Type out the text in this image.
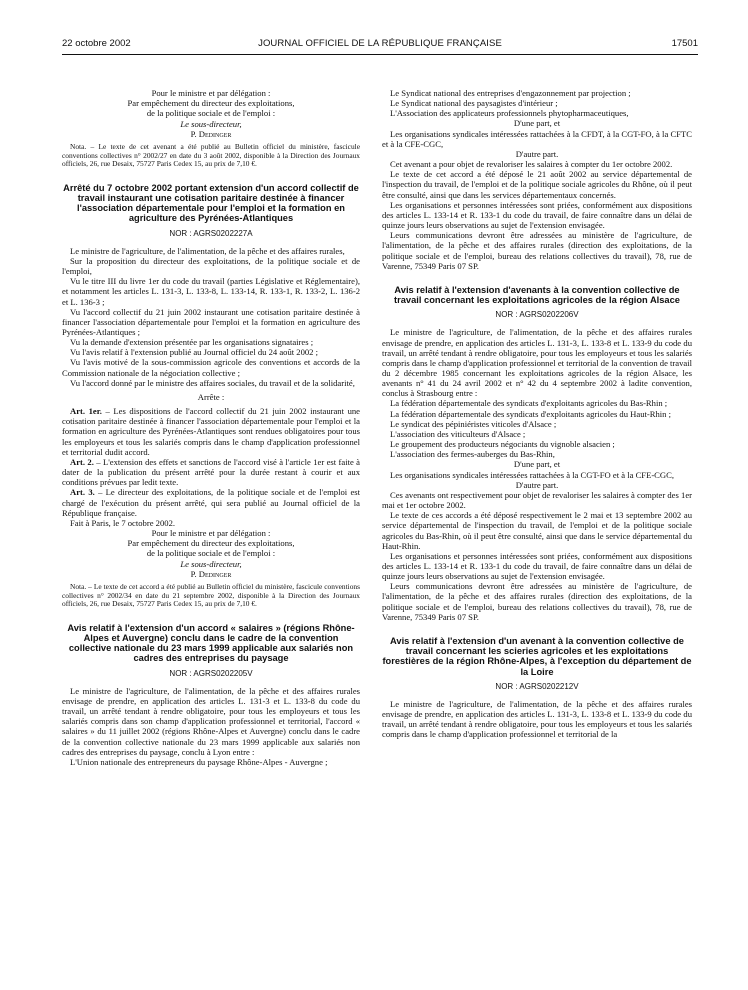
22 octobre 2002	JOURNAL OFFICIEL DE LA RÉPUBLIQUE FRANÇAISE	17501
Pour le ministre et par délégation :
Par empêchement du directeur des exploitations,
de la politique sociale et de l'emploi :
Le sous-directeur,
P. Dedinger

Nota. – Le texte de cet avenant a été publié au Bulletin officiel du ministère, fascicule conventions collectives n° 2002/27 en date du 3 août 2002, disponible à la Direction des Journaux officiels, 26, rue Desaix, 75727 Paris Cedex 15, au prix de 7,10 €.

Arrêté du 7 octobre 2002 portant extension d'un accord collectif de travail instaurant une cotisation paritaire destinée à financer l'association départementale pour l'emploi et la formation en agriculture des Pyrénées-Atlantiques

NOR : AGRS0202227A

Le ministre de l'agriculture, de l'alimentation, de la pêche et des affaires rurales,

Sur la proposition du directeur des exploitations, de la politique sociale et de l'emploi,

Vu le titre III du livre 1er du code du travail (parties Législative et Réglementaire), et notamment les articles L. 131-3, L. 133-8, L. 133-14, R. 133-1, R. 133-2, L. 136-2 et L. 136-3 ;

Vu l'accord collectif du 21 juin 2002 instaurant une cotisation paritaire destinée à financer l'association départementale pour l'emploi et la formation en agriculture des Pyrénées-Atlantiques ;

Vu la demande d'extension présentée par les organisations signataires ;

Vu l'avis relatif à l'extension publié au Journal officiel du 24 août 2002 ;

Vu l'avis motivé de la sous-commission agricole des conventions et accords de la Commission nationale de la négociation collective ;

Vu l'accord donné par le ministre des affaires sociales, du travail et de la solidarité,

Arrête :

Art. 1er. – Les dispositions de l'accord collectif du 21 juin 2002 instaurant une cotisation paritaire destinée à financer l'association départementale pour l'emploi et la formation en agriculture des Pyrénées-Atlantiques sont rendues obligatoires pour tous les employeurs et tous les salariés compris dans le champ d'application professionnel et territorial dudit accord.

Art. 2. – L'extension des effets et sanctions de l'accord visé à l'article 1er est faite à dater de la publication du présent arrêté pour la durée restant à courir et aux conditions prévues par ledit texte.

Art. 3. – Le directeur des exploitations, de la politique sociale et de l'emploi est chargé de l'exécution du présent arrêté, qui sera publié au Journal officiel de la République française.

Fait à Paris, le 7 octobre 2002.

Pour le ministre et par délégation :
Par empêchement du directeur des exploitations,
de la politique sociale et de l'emploi :
Le sous-directeur,
P. Dedinger

Nota. – Le texte de cet accord a été publié au Bulletin officiel du ministère, fascicule conventions collectives n° 2002/34 en date du 21 septembre 2002, disponible à la Direction des Journaux officiels, 26, rue Desaix, 75727 Paris Cedex 15, au prix de 7,10 €.

Avis relatif à l'extension d'un accord « salaires » (régions Rhône-Alpes et Auvergne) conclu dans le cadre de la convention collective nationale du 23 mars 1999 applicable aux salariés non cadres des entreprises du paysage

NOR : AGRS0202205V

Le ministre de l'agriculture, de l'alimentation, de la pêche et des affaires rurales envisage de prendre, en application des articles L. 131-3 et L. 133-8 du code du travail, un arrêté tendant à rendre obligatoire, pour tous les employeurs et tous les salariés compris dans son champ d'application professionnel et territorial, l'accord « salaires » du 11 juillet 2002 (régions Rhône-Alpes et Auvergne) conclu dans le cadre de la convention collective nationale du 23 mars 1999 applicable aux salariés non cadres des entreprises du paysage, conclu à Lyon entre :

L'Union nationale des entrepreneurs du paysage Rhône-Alpes - Auvergne ;

Le Syndicat national des entreprises d'engazonnement par projection ;

Le Syndicat national des paysagistes d'intérieur ;

L'Association des applicateurs professionnels phytopharmaceutiques,

D'une part, et

Les organisations syndicales intéressées rattachées à la CFDT, à la CGT-FO, à la CFTC et à la CFE-CGC,

D'autre part.

Cet avenant a pour objet de revaloriser les salaires à compter du 1er octobre 2002.

Le texte de cet accord a été déposé le 21 août 2002 au service départemental de l'inspection du travail, de l'emploi et de la politique sociale agricoles du Rhône, où il peut être consulté, ainsi que dans les services départementaux concernés.

Les organisations et personnes intéressées sont priées, conformément aux dispositions des articles L. 133-14 et R. 133-1 du code du travail, de faire connaître dans un délai de quinze jours leurs observations au sujet de l'extension envisagée.

Leurs communications devront être adressées au ministère de l'agriculture, de l'alimentation, de la pêche et des affaires rurales (direction des exploitations, de la politique sociale et de l'emploi, bureau des relations collectives du travail), 78, rue de Varenne, 75349 Paris 07 SP.

Avis relatif à l'extension d'avenants à la convention collective de travail concernant les exploitations agricoles de la région Alsace

NOR : AGRS0202206V

Le ministre de l'agriculture, de l'alimentation, de la pêche et des affaires rurales envisage de prendre, en application des articles L. 131-3, L. 133-8 et L. 133-9 du code du travail, un arrêté tendant à rendre obligatoire, pour tous les employeurs et tous les salariés compris dans le champ d'application professionnel et territorial de la convention de travail du 2 décembre 1985 concernant les exploitations agricoles de la région Alsace, les avenants n° 41 du 24 avril 2002 et n° 42 du 4 septembre 2002 à ladite convention, conclus à Strasbourg entre :

La fédération départementale des syndicats d'exploitants agricoles du Bas-Rhin ;

La fédération départementale des syndicats d'exploitants agricoles du Haut-Rhin ;

Le syndicat des pépiniéristes viticoles d'Alsace ;

L'association des viticulteurs d'Alsace ;

Le groupement des producteurs négociants du vignoble alsacien ;

L'association des fermes-auberges du Bas-Rhin,

D'une part, et

Les organisations syndicales intéressées rattachées à la CGT-FO et à la CFE-CGC,

D'autre part.

Ces avenants ont respectivement pour objet de revaloriser les salaires à compter des 1er mai et 1er octobre 2002.

Le texte de ces accords a été déposé respectivement le 2 mai et 13 septembre 2002 au service départemental de l'inspection du travail, de l'emploi et de la politique sociale agricoles du Bas-Rhin, où il peut être consulté, ainsi que dans le service départemental du Haut-Rhin.

Les organisations et personnes intéressées sont priées, conformément aux dispositions des articles L. 133-14 et R. 133-1 du code du travail, de faire connaître dans un délai de quinze jours leurs observations au sujet de l'extension envisagée.

Leurs communications devront être adressées au ministère de l'agriculture, de l'alimentation, de la pêche et des affaires rurales (direction des exploitations, de la politique sociale et de l'emploi, bureau des relations collectives du travail), 78, rue de Varenne, 75349 Paris 07 SP.

Avis relatif à l'extension d'un avenant à la convention collective de travail concernant les scieries agricoles et les exploitations forestières de la région Rhône-Alpes, à l'exception du département de la Loire

NOR : AGRS0202212V

Le ministre de l'agriculture, de l'alimentation, de la pêche et des affaires rurales envisage de prendre, en application des articles L. 131-3, L. 133-8 et L. 133-9 du code du travail, un arrêté tendant à rendre obligatoire, pour tous les employeurs et tous les salariés compris dans le champ d'application professionnel et territorial de la
